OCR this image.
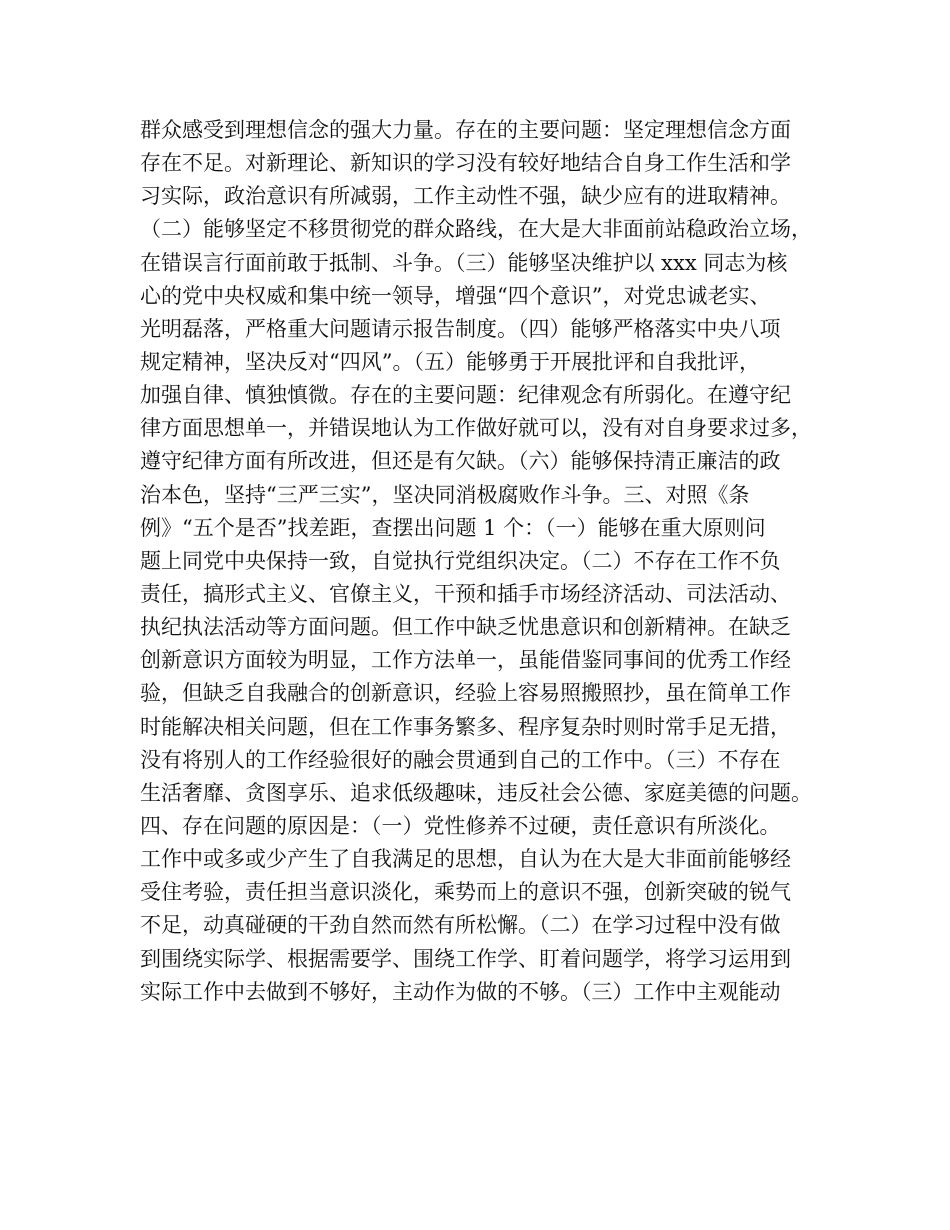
群众感受到理想信念的强大力量。存在的主要问题：坚定理想信念方面
存在不足。对新理论、新知识的学习没有较好地结合自身工作生活和学
习实际，政治意识有所减弱，工作主动性不强，缺少应有的进取精神。
（二）能够坚定不移贯彻党的群众路线，在大是大非面前站稳政治立场，
在错误言行面前敢于抵制、斗争。（三）能够坚决维护以 xxx 同志为核
心的党中央权威和集中统一领导，增强“四个意识”，对党忠诚老实、
光明磊落，严格重大问题请示报告制度。（四）能够严格落实中央八项
规定精神，坚决反对“四风”。（五）能够勇于开展批评和自我批评，
加强自律、慎独慎微。存在的主要问题：纪律观念有所弱化。在遵守纪
律方面思想单一，并错误地认为工作做好就可以，没有对自身要求过多，
遵守纪律方面有所改进，但还是有欠缺。（六）能够保持清正廉洁的政
治本色，坚持“三严三实”，坚决同消极腐败作斗争。三、对照《条
例》“五个是否”找差距，查摆出问题 1 个：（一）能够在重大原则问
题上同党中央保持一致，自觉执行党组织决定。（二）不存在工作不负
责任，搞形式主义、官僚主义，干预和插手市场经济活动、司法活动、
执纪执法活动等方面问题。但工作中缺乏忧患意识和创新精神。在缺乏
创新意识方面较为明显，工作方法单一，虽能借鉴同事间的优秀工作经
验，但缺乏自我融合的创新意识，经验上容易照搬照抄，虽在简单工作
时能解决相关问题，但在工作事务繁多、程序复杂时则时常手足无措，
没有将别人的工作经验很好的融会贯通到自己的工作中。（三）不存在
生活奢靡、贪图享乐、追求低级趣味，违反社会公德、家庭美德的问题。
四、存在问题的原因是：（一）党性修养不过硬，责任意识有所淡化。
工作中或多或少产生了自我满足的思想，自认为在大是大非面前能够经
受住考验，责任担当意识淡化，乘势而上的意识不强，创新突破的锐气
不足，动真碰硬的干劲自然而然有所松懈。（二）在学习过程中没有做
到围绕实际学、根据需要学、围绕工作学、盯着问题学，将学习运用到
实际工作中去做到不够好，主动作为做的不够。（三）工作中主观能动
